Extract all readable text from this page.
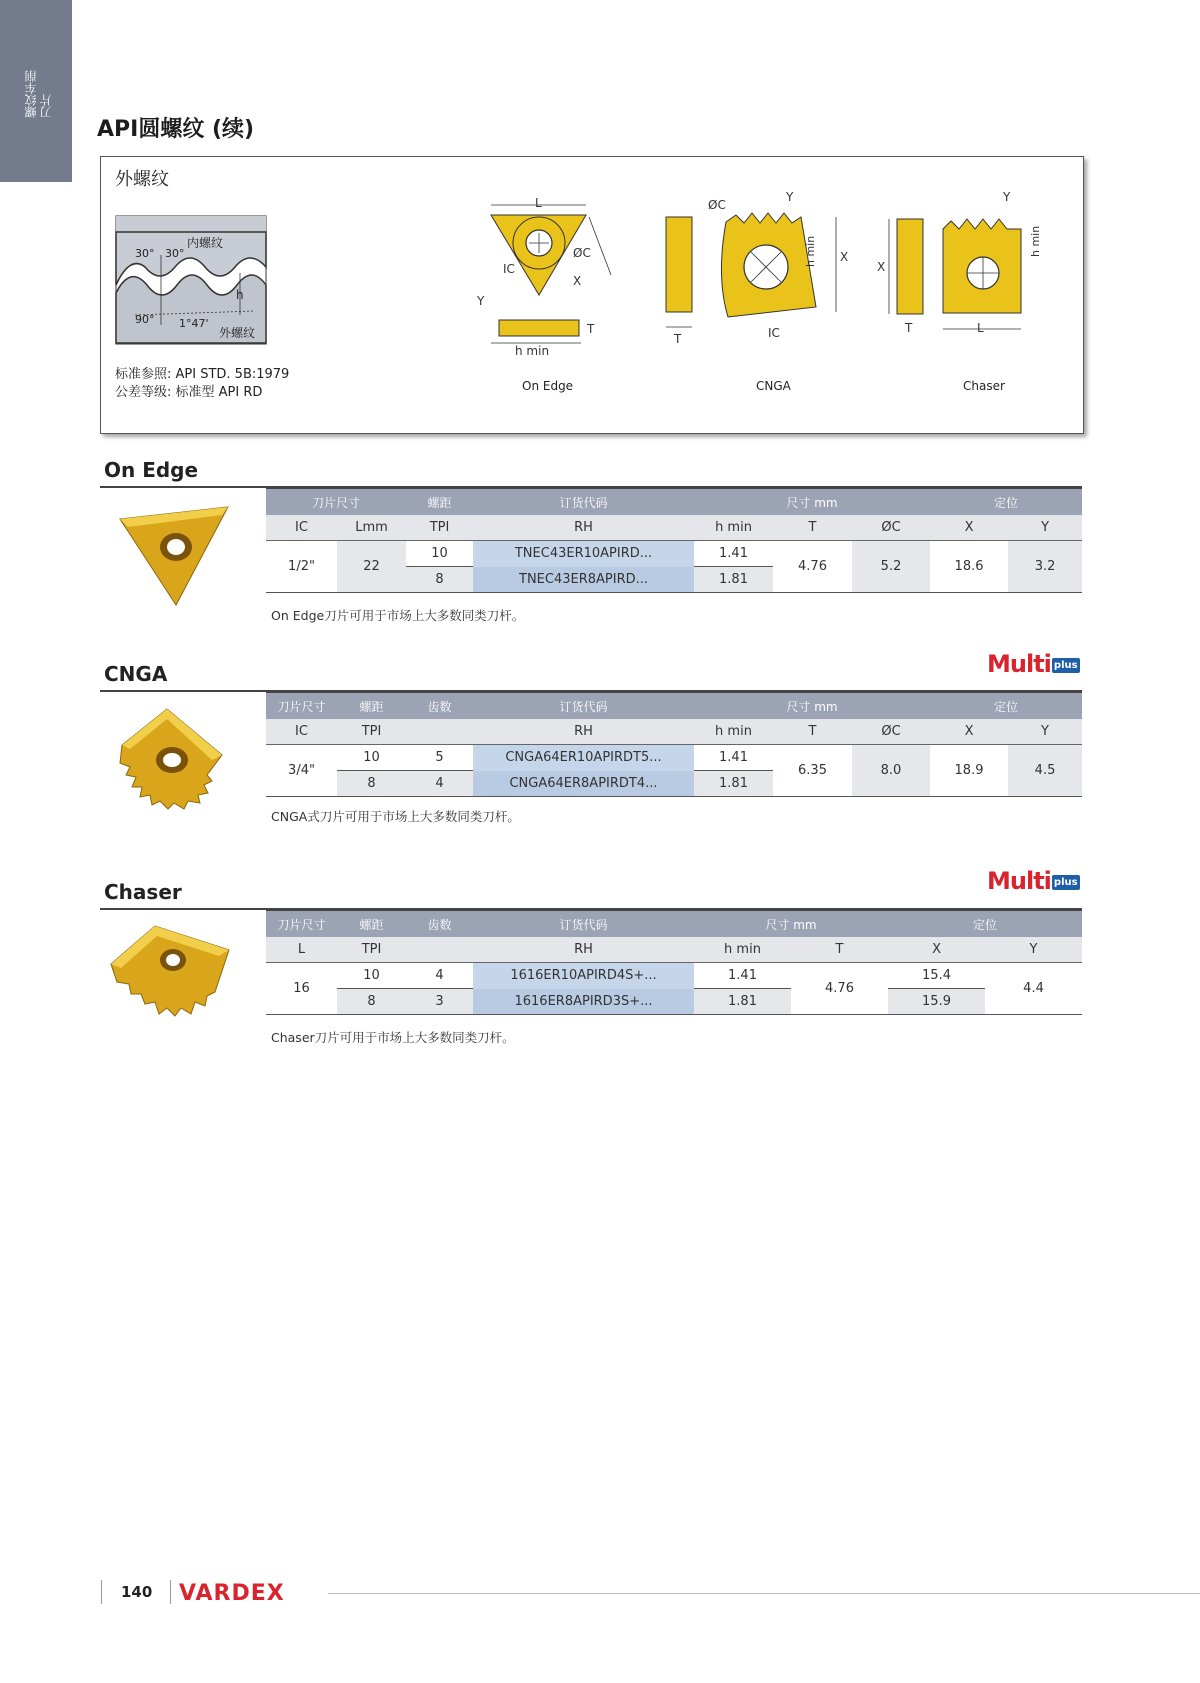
螺纹车削
刀片
API圆螺纹 (续)
外螺纹
30° 30°
内螺纹
h
90° 1°47'
外螺纹
标准参照: API STD. 5B:1979
公差等级: 标准型 API RD
L
IC
ØC
X
Y
T
h min
On Edge
ØC
Y
h min X
T	IC
CNGA
X
Y
h min
T	L
Chaser
On Edge
刀片尺寸		螺距	订货代码	尺寸 mm			定位	
IC	Lmm	TPI	RH	h min	T	ØC	X	Y
1/2"	22	10	TNEC43ER10APIRD...	1.41	4.76	5.2	18.6	3.2
		8	TNEC43ER8APIRD...	1.81				
On Edge刀片可用于市场上大多数同类刀杆。
Multi plus
CNGA
刀片尺寸	螺距	齿数	订货代码	尺寸 mm			定位	
IC	TPI		RH	h min	T	ØC	X	Y
3/4"	10	5	CNGA64ER10APIRDT5...	1.41	6.35	8.0	18.9	4.5
	8	4	CNGA64ER8APIRDT4...	1.81				
CNGA式刀片可用于市场上大多数同类刀杆。
Multi plus
Chaser
刀片尺寸	螺距	齿数	订货代码	尺寸 mm		定位	
L	TPI		RH	h min	T	X	Y
16	10	4	1616ER10APIRD4S+...	1.41	4.76	15.4	4.4
	8	3	1616ER8APIRD3S+...	1.81		15.9	
Chaser刀片可用于市场上大多数同类刀杆。
140 VARDEX
